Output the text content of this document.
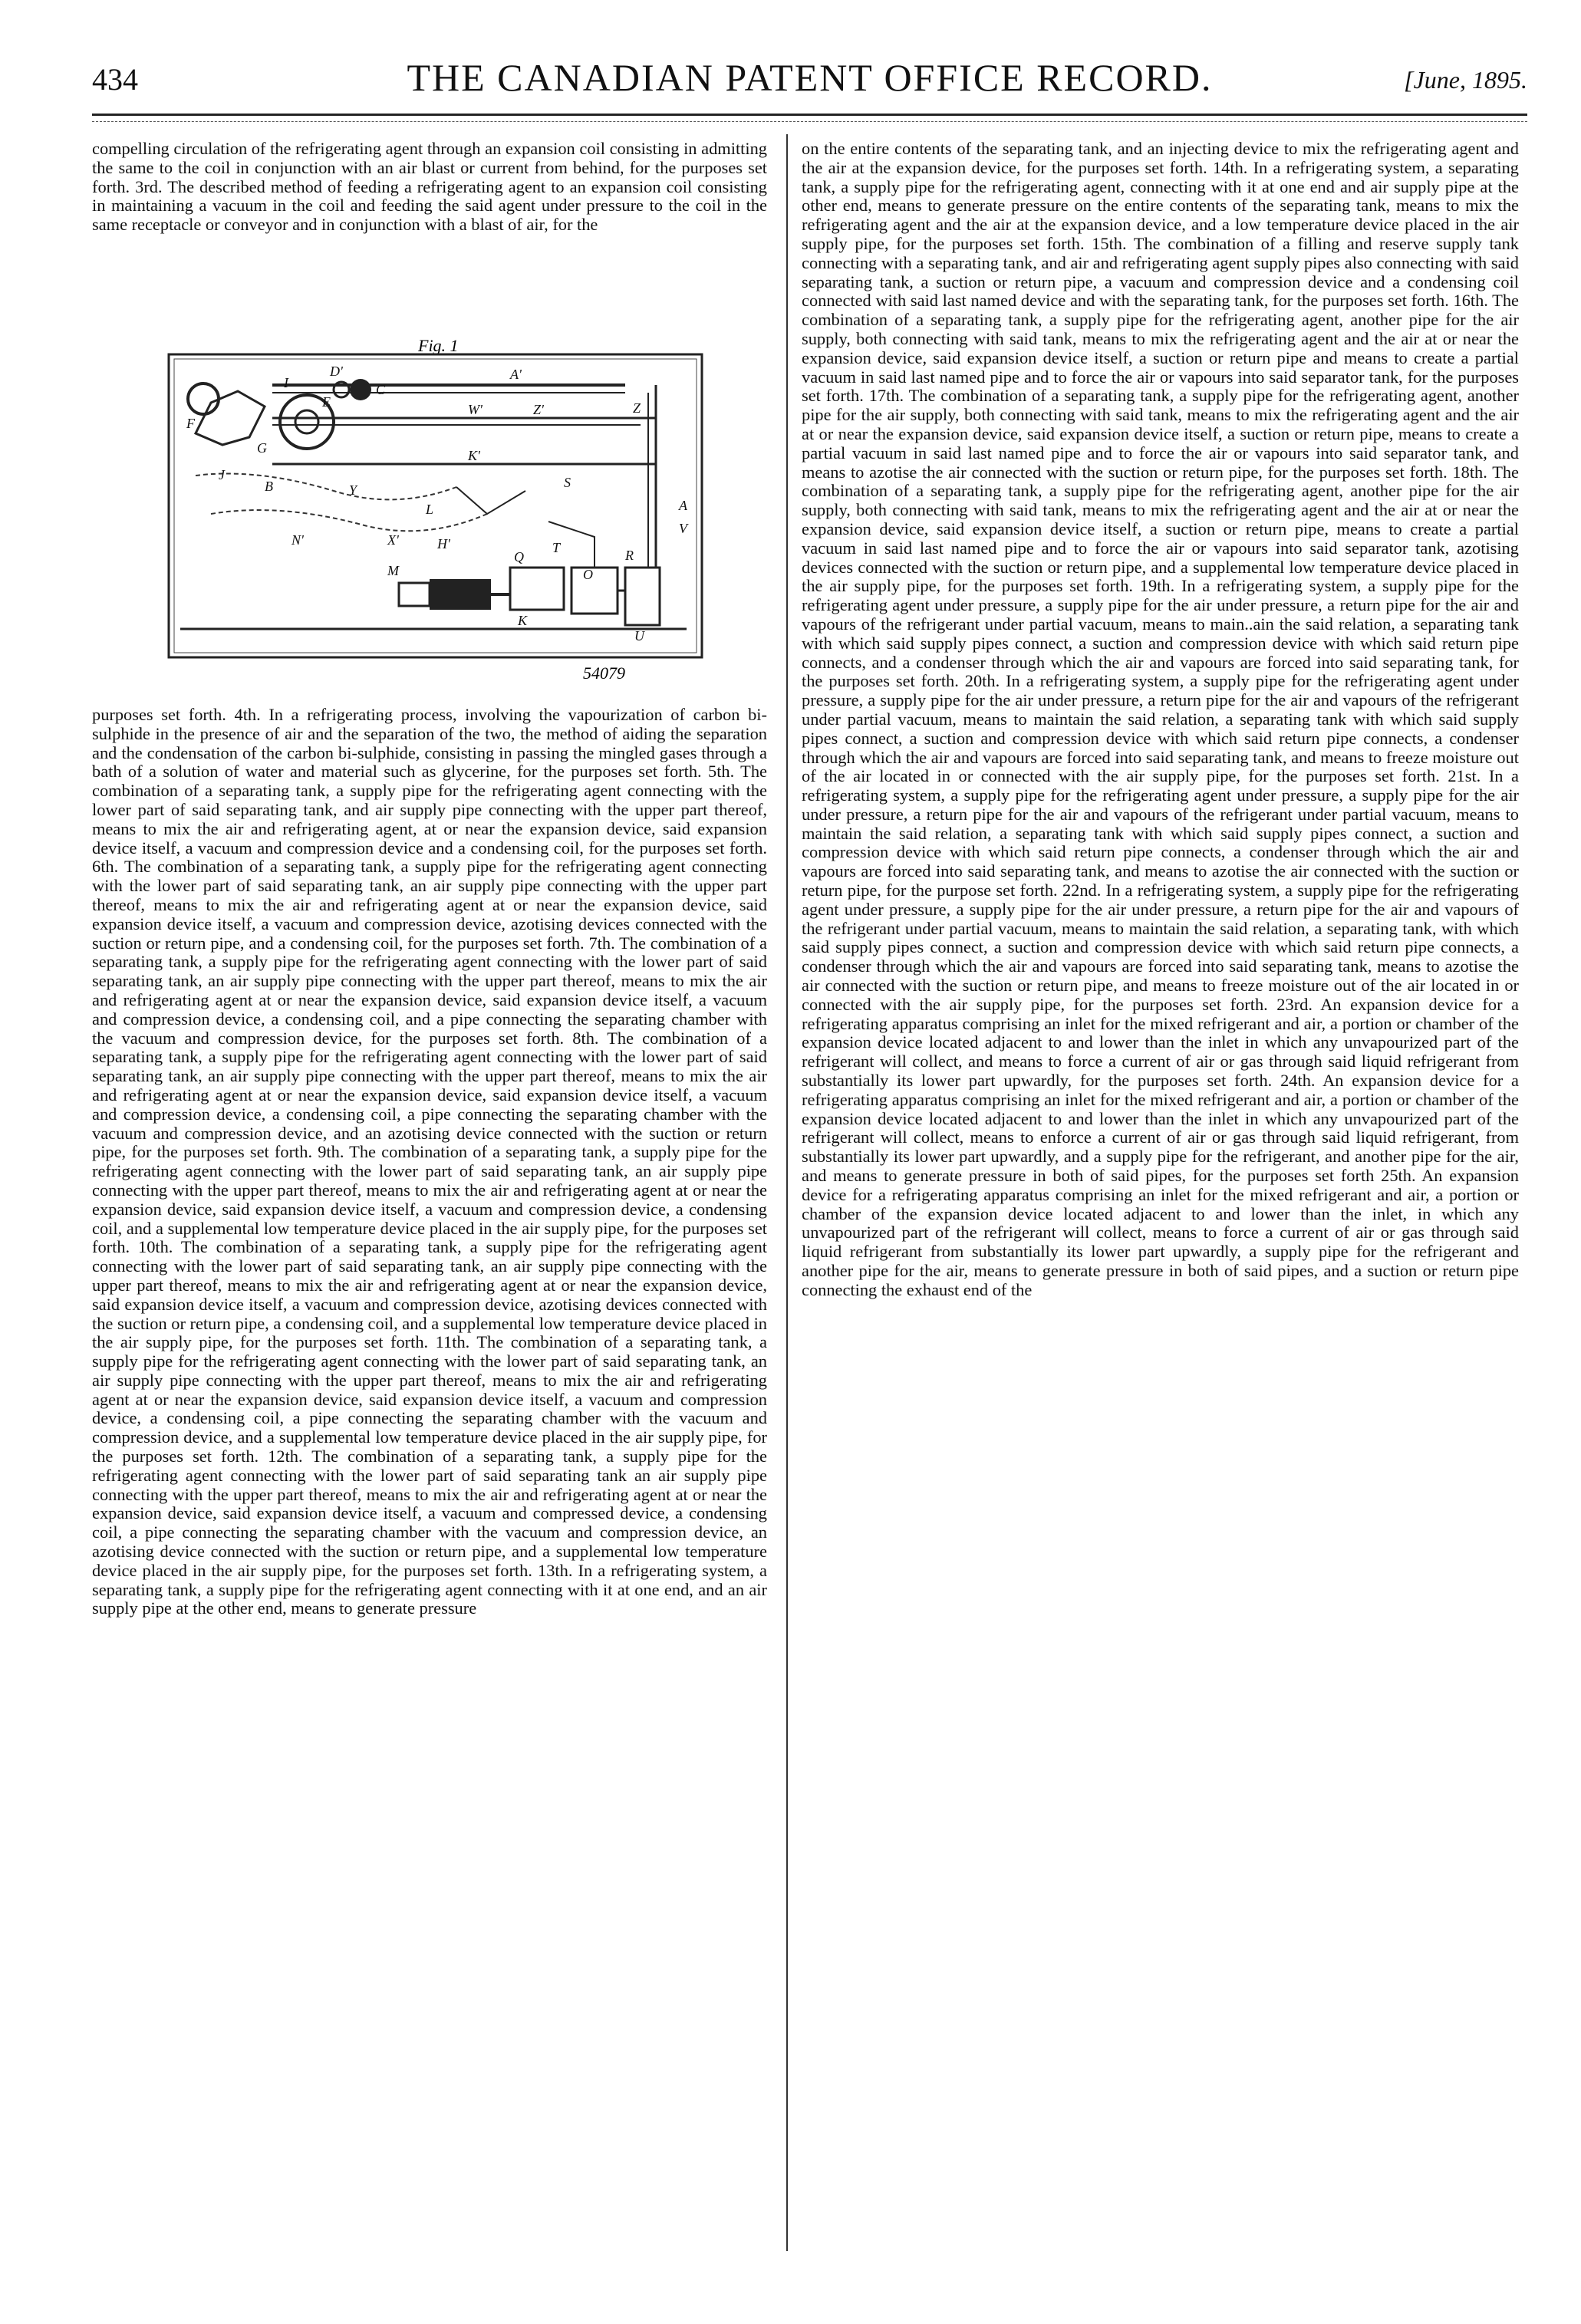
434	THE CANADIAN PATENT OFFICE RECORD.	[June, 1895.

compelling circulation of the refrigerating agent through an expansion coil consisting in admitting the same to the coil in conjunction with an air blast or current from behind, for the purposes set forth. 3rd. The described method of feeding a refrigerating agent to an expansion coil consisting in maintaining a vacuum in the coil and feeding the said agent under pressure to the coil in the same receptacle or conveyor and in conjunction with a blast of air, for the

Fig. 1
D'
C
A'
F
G
E	W'	Z'	Z
A
V
K'
O
M
H'
N'	X'
K
U
T
Q	R
S
L
J
Y
B
I
54079

purposes set forth. 4th. In a refrigerating process, involving the vapourization of carbon bi-sulphide in the presence of air and the separation of the two, the method of aiding the separation and the condensation of the carbon bi-sulphide, consisting in passing the mingled gases through a bath of a solution of water and material such as glycerine, for the purposes set forth. 5th. The combination of a separating tank, a supply pipe for the refrigerating agent connecting with the lower part of said separating tank, and air supply pipe connecting with the upper part thereof, means to mix the air and refrigerating agent, at or near the expansion device, said expansion device itself, a vacuum and compression device and a condensing coil, for the purposes set forth. 6th. The combination of a separating tank, a supply pipe for the refrigerating agent connecting with the lower part of said separating tank, an air supply pipe connecting with the upper part thereof, means to mix the air and refrigerating agent at or near the expansion device, said expansion device itself, a vacuum and compression device, azotising devices connected with the suction or return pipe, and a condensing coil, for the purposes set forth. 7th. The combination of a separating tank, a supply pipe for the refrigerating agent connecting with the lower part of said separating tank, an air supply pipe connecting with the upper part thereof, means to mix the air and refrigerating agent at or near the expansion device, said expansion device itself, a vacuum and compression device, a condensing coil, and a pipe connecting the separating chamber with the vacuum and compression device, for the purposes set forth. 8th. The combination of a separating tank, a supply pipe for the refrigerating agent connecting with the lower part of said separating tank, an air supply pipe connecting with the upper part thereof, means to mix the air and refrigerating agent at or near the expansion device, said expansion device itself, a vacuum and compression device, a condensing coil, a pipe connecting the separating chamber with the vacuum and compression device, and an azotising device connected with the suction or return pipe, for the purposes set forth. 9th. The combination of a separating tank, a supply pipe for the refrigerating agent connecting with the lower part of said separating tank, an air supply pipe connecting with the upper part thereof, means to mix the air and refrigerating agent at or near the expansion device, said expansion device itself, a vacuum and compression device, a condensing coil, and a supplemental low temperature device placed in the air supply pipe, for the purposes set forth. 10th. The combination of a separating tank, a supply pipe for the refrigerating agent connecting with the lower part of said separating tank, an air supply pipe connecting with the upper part thereof, means to mix the air and refrigerating agent at or near the expansion device, said expansion device itself, a vacuum and compression device, azotising devices connected with the suction or return pipe, a condensing coil, and a supplemental low temperature device placed in the air supply pipe, for the purposes set forth. 11th. The combination of a separating tank, a supply pipe for the refrigerating agent connecting with the lower part of said separating tank, an air supply pipe connecting with the upper part thereof, means to mix the air and refrigerating agent at or near the expansion device, said expansion device itself, a vacuum and compression device, a condensing coil, a pipe connecting the separating chamber with the vacuum and compression device, and a supplemental low temperature device placed in the air supply pipe, for the purposes set forth. 12th. The combination of a separating tank, a supply pipe for the refrigerating agent connecting with the lower part of said separating tank an air supply pipe connecting with the upper part thereof, means to mix the air and refrigerating agent at or near the expansion device, said expansion device itself, a vacuum and compressed device, a condensing coil, a pipe connecting the separating chamber with the vacuum and compression device, an azotising device connected with the suction or return pipe, and a supplemental low temperature device placed in the air supply pipe, for the purposes set forth. 13th. In a refrigerating system, a separating tank, a supply pipe for the refrigerating agent connecting with it at one end, and an air supply pipe at the other end, means to generate pressure

on the entire contents of the separating tank, and an injecting device to mix the refrigerating agent and the air at the expansion device, for the purposes set forth. 14th. In a refrigerating system, a separating tank, a supply pipe for the refrigerating agent, connecting with it at one end and air supply pipe at the other end, means to generate pressure on the entire contents of the separating tank, means to mix the refrigerating agent and the air at the expansion device, and a low temperature device placed in the air supply pipe, for the purposes set forth. 15th. The combination of a filling and reserve supply tank connecting with a separating tank, and air and refrigerating agent supply pipes also connecting with said separating tank, a suction or return pipe, a vacuum and compression device and a condensing coil connected with said last named device and with the separating tank, for the purposes set forth. 16th. The combination of a separating tank, a supply pipe for the refrigerating agent, another pipe for the air supply, both connecting with said tank, means to mix the refrigerating agent and the air at or near the expansion device, said expansion device itself, a suction or return pipe and means to create a partial vacuum in said last named pipe and to force the air or vapours into said separator tank, for the purposes set forth. 17th. The combination of a separating tank, a supply pipe for the refrigerating agent, another pipe for the air supply, both connecting with said tank, means to mix the refrigerating agent and the air at or near the expansion device, said expansion device itself, a suction or return pipe, means to create a partial vacuum in said last named pipe and to force the air or vapours into said separator tank, and means to azotise the air connected with the suction or return pipe, for the purposes set forth. 18th. The combination of a separating tank, a supply pipe for the refrigerating agent, another pipe for the air supply, both connecting with said tank, means to mix the refrigerating agent and the air at or near the expansion device, said expansion device itself, a suction or return pipe, means to create a partial vacuum in said last named pipe and to force the air or vapours into said separator tank, azotising devices connected with the suction or return pipe, and a supplemental low temperature device placed in the air supply pipe, for the purposes set forth. 19th. In a refrigerating system, a supply pipe for the refrigerating agent under pressure, a supply pipe for the air under pressure, a return pipe for the air and vapours of the refrigerant under partial vacuum, means to main..ain the said relation, a separating tank with which said supply pipes connect, a suction and compression device with which said return pipe connects, and a condenser through which the air and vapours are forced into said separating tank, for the purposes set forth. 20th. In a refrigerating system, a supply pipe for the refrigerating agent under pressure, a supply pipe for the air under pressure, a return pipe for the air and vapours of the refrigerant under partial vacuum, means to maintain the said relation, a separating tank with which said supply pipes connect, a suction and compression device with which said return pipe connects, a condenser through which the air and vapours are forced into said separating tank, and means to freeze moisture out of the air located in or connected with the air supply pipe, for the purposes set forth. 21st. In a refrigerating system, a supply pipe for the refrigerating agent under pressure, a supply pipe for the air under pressure, a return pipe for the air and vapours of the refrigerant under partial vacuum, means to maintain the said relation, a separating tank with which said supply pipes connect, a suction and compression device with which said return pipe connects, a condenser through which the air and vapours are forced into said separating tank, and means to azotise the air connected with the suction or return pipe, for the purpose set forth. 22nd. In a refrigerating system, a supply pipe for the refrigerating agent under pressure, a supply pipe for the air under pressure, a return pipe for the air and vapours of the refrigerant under partial vacuum, means to maintain the said relation, a separating tank, with which said supply pipes connect, a suction and compression device with which said return pipe connects, a condenser through which the air and vapours are forced into said separating tank, means to azotise the air connected with the suction or return pipe, and means to freeze moisture out of the air located in or connected with the air supply pipe, for the purposes set forth. 23rd. An expansion device for a refrigerating apparatus comprising an inlet for the mixed refrigerant and air, a portion or chamber of the expansion device located adjacent to and lower than the inlet in which any unvapourized part of the refrigerant will collect, and means to force a current of air or gas through said liquid refrigerant from substantially its lower part upwardly, for the purposes set forth. 24th. An expansion device for a refrigerating apparatus comprising an inlet for the mixed refrigerant and air, a portion or chamber of the expansion device located adjacent to and lower than the inlet in which any unvapourized part of the refrigerant will collect, means to enforce a current of air or gas through said liquid refrigerant, from substantially its lower part upwardly, and a supply pipe for the refrigerant, and another pipe for the air, and means to generate pressure in both of said pipes, for the purposes set forth 25th. An expansion device for a refrigerating apparatus comprising an inlet for the mixed refrigerant and air, a portion or chamber of the expansion device located adjacent to and lower than the inlet, in which any unvapourized part of the refrigerant will collect, means to force a current of air or gas through said liquid refrigerant from substantially its lower part upwardly, a supply pipe for the refrigerant and another pipe for the air, means to generate pressure in both of said pipes, and a suction or return pipe connecting the exhaust end of the
